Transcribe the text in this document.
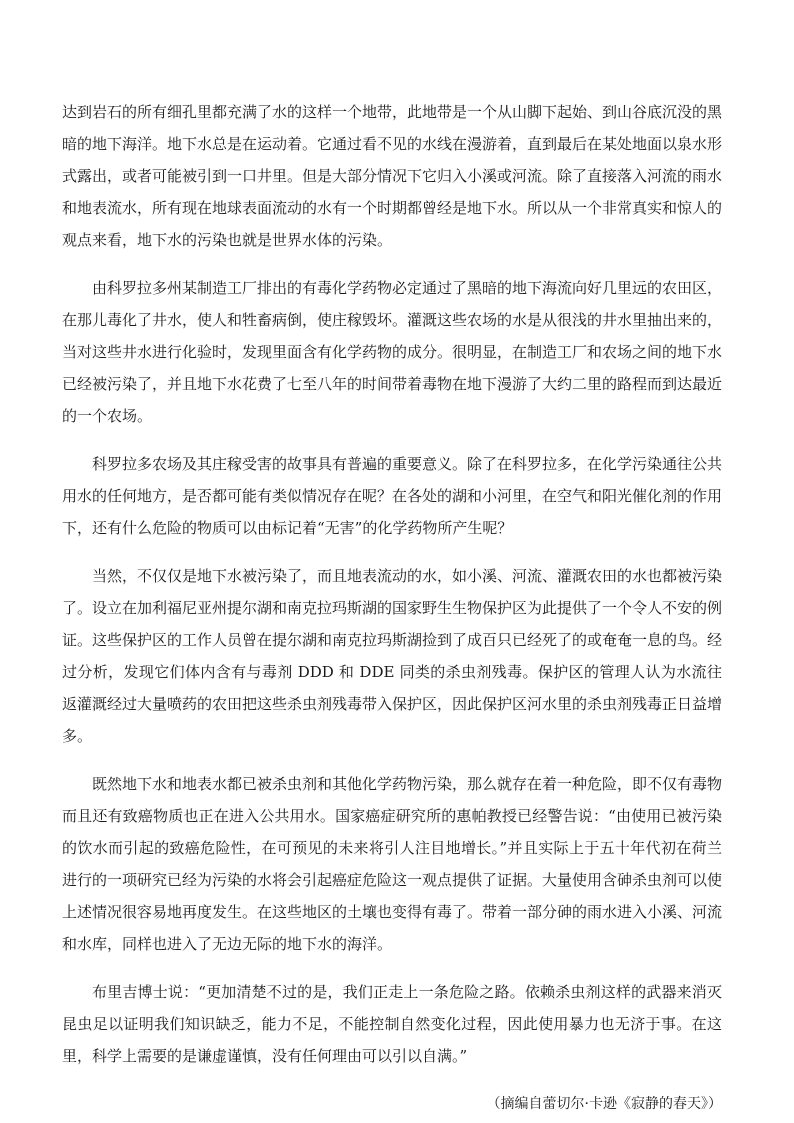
达到岩石的所有细孔里都充满了水的这样一个地带，此地带是一个从山脚下起始、到山谷底沉没的黑暗的地下海洋。地下水总是在运动着。它通过看不见的水线在漫游着，直到最后在某处地面以泉水形式露出，或者可能被引到一口井里。但是大部分情况下它归入小溪或河流。除了直接落入河流的雨水和地表流水，所有现在地球表面流动的水有一个时期都曾经是地下水。所以从一个非常真实和惊人的观点来看，地下水的污染也就是世界水体的污染。

由科罗拉多州某制造工厂排出的有毒化学药物必定通过了黑暗的地下海流向好几里远的农田区，在那儿毒化了井水，使人和牲畜病倒，使庄稼毁坏。灌溉这些农场的水是从很浅的井水里抽出来的，当对这些井水进行化验时，发现里面含有化学药物的成分。很明显，在制造工厂和农场之间的地下水已经被污染了，并且地下水花费了七至八年的时间带着毒物在地下漫游了大约二里的路程而到达最近的一个农场。

科罗拉多农场及其庄稼受害的故事具有普遍的重要意义。除了在科罗拉多，在化学污染通往公共用水的任何地方，是否都可能有类似情况存在呢？在各处的湖和小河里，在空气和阳光催化剂的作用下，还有什么危险的物质可以由标记着“无害”的化学药物所产生呢？

当然，不仅仅是地下水被污染了，而且地表流动的水，如小溪、河流、灌溉农田的水也都被污染了。设立在加利福尼亚州提尔湖和南克拉玛斯湖的国家野生生物保护区为此提供了一个令人不安的例证。这些保护区的工作人员曾在提尔湖和南克拉玛斯湖捡到了成百只已经死了的或奄奄一息的鸟。经过分析，发现它们体内含有与毒剂 DDD 和 DDE 同类的杀虫剂残毒。保护区的管理人认为水流往返灌溉经过大量喷药的农田把这些杀虫剂残毒带入保护区，因此保护区河水里的杀虫剂残毒正日益增多。

既然地下水和地表水都已被杀虫剂和其他化学药物污染，那么就存在着一种危险，即不仅有毒物而且还有致癌物质也正在进入公共用水。国家癌症研究所的惠帕教授已经警告说：“由使用已被污染的饮水而引起的致癌危险性，在可预见的未来将引人注目地增长。”并且实际上于五十年代初在荷兰进行的一项研究已经为污染的水将会引起癌症危险这一观点提供了证据。大量使用含砷杀虫剂可以使上述情况很容易地再度发生。在这些地区的土壤也变得有毒了。带着一部分砷的雨水进入小溪、河流和水库，同样也进入了无边无际的地下水的海洋。

布里吉博士说：“更加清楚不过的是，我们正走上一条危险之路。依赖杀虫剂这样的武器来消灭昆虫足以证明我们知识缺乏，能力不足，不能控制自然变化过程，因此使用暴力也无济于事。在这里，科学上需要的是谦虚谨慎，没有任何理由可以引以自满。”

（摘编自蕾切尔·卡逊《寂静的春天》）
